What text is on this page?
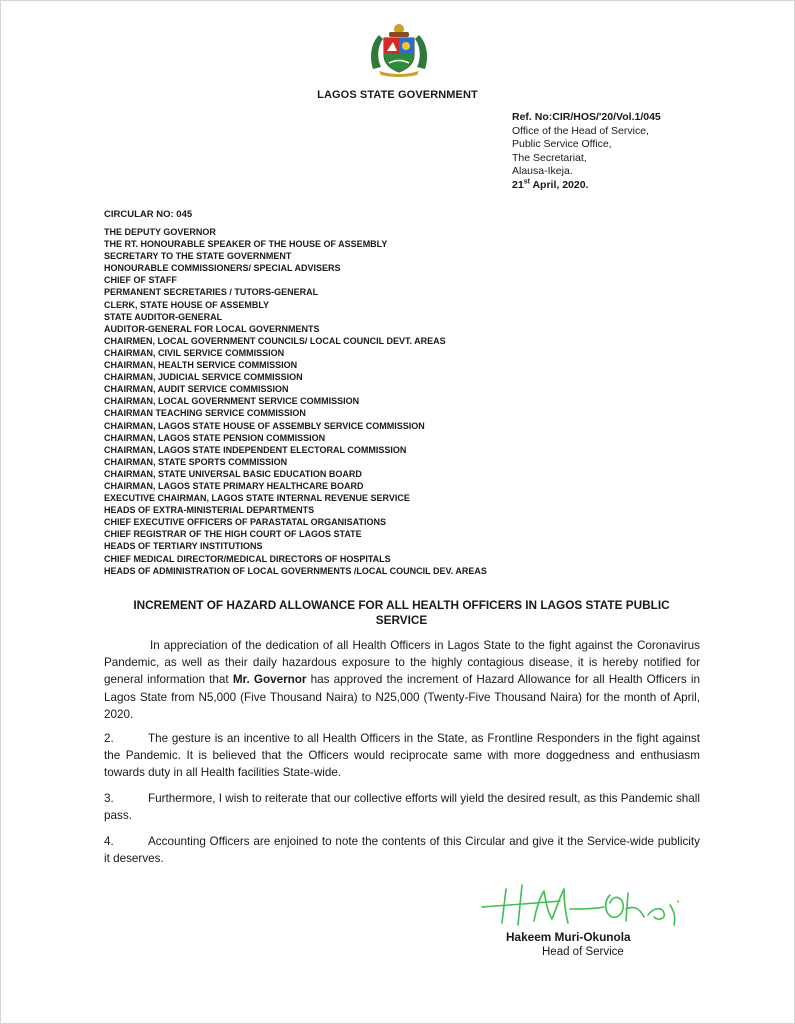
LAGOS STATE GOVERNMENT
Ref. No:CIR/HOS/'20/Vol.1/045
Office of the Head of Service,
Public Service Office,
The Secretariat,
Alausa-Ikeja.
21st April, 2020.
CIRCULAR NO: 045
THE DEPUTY GOVERNOR
THE RT. HONOURABLE SPEAKER OF THE HOUSE OF ASSEMBLY
SECRETARY TO THE STATE GOVERNMENT
HONOURABLE COMMISSIONERS/ SPECIAL ADVISERS
CHIEF OF STAFF
PERMANENT SECRETARIES / TUTORS-GENERAL
CLERK, STATE HOUSE OF ASSEMBLY
STATE AUDITOR-GENERAL
AUDITOR-GENERAL FOR LOCAL GOVERNMENTS
CHAIRMEN, LOCAL GOVERNMENT COUNCILS/ LOCAL COUNCIL DEVT. AREAS
CHAIRMAN, CIVIL SERVICE COMMISSION
CHAIRMAN, HEALTH SERVICE COMMISSION
CHAIRMAN, JUDICIAL SERVICE COMMISSION
CHAIRMAN, AUDIT SERVICE COMMISSION
CHAIRMAN, LOCAL GOVERNMENT SERVICE COMMISSION
CHAIRMAN TEACHING SERVICE COMMISSION
CHAIRMAN, LAGOS STATE HOUSE OF ASSEMBLY SERVICE COMMISSION
CHAIRMAN, LAGOS STATE PENSION COMMISSION
CHAIRMAN, LAGOS STATE INDEPENDENT ELECTORAL COMMISSION
CHAIRMAN, STATE SPORTS COMMISSION
CHAIRMAN, STATE UNIVERSAL BASIC EDUCATION BOARD
CHAIRMAN, LAGOS STATE PRIMARY HEALTHCARE BOARD
EXECUTIVE CHAIRMAN, LAGOS STATE INTERNAL REVENUE SERVICE
HEADS OF EXTRA-MINISTERIAL DEPARTMENTS
CHIEF EXECUTIVE OFFICERS OF PARASTATAL ORGANISATIONS
CHIEF REGISTRAR OF THE HIGH COURT OF LAGOS STATE
HEADS OF TERTIARY INSTITUTIONS
CHIEF MEDICAL DIRECTOR/MEDICAL DIRECTORS OF HOSPITALS
HEADS OF ADMINISTRATION OF LOCAL GOVERNMENTS /LOCAL COUNCIL DEV. AREAS
INCREMENT OF HAZARD ALLOWANCE FOR ALL HEALTH OFFICERS IN LAGOS STATE PUBLIC
SERVICE

In appreciation of the dedication of all Health Officers in Lagos State to the fight against the Coronavirus Pandemic, as well as their daily hazardous exposure to the highly contagious disease, it is hereby notified for general information that Mr. Governor has approved the increment of Hazard Allowance for all Health Officers in Lagos State from N5,000 (Five Thousand Naira) to N25,000 (Twenty-Five Thousand Naira) for the month of April, 2020.

2.	The gesture is an incentive to all Health Officers in the State, as Frontline Responders in the fight against the Pandemic. It is believed that the Officers would reciprocate same with more doggedness and enthusiasm towards duty in all Health facilities State-wide.

3.	Furthermore, I wish to reiterate that our collective efforts will yield the desired result, as this Pandemic shall pass.

4.	Accounting Officers are enjoined to note the contents of this Circular and give it the Service-wide publicity it deserves.

Hakeem Muri-Okunola
Head of Service
